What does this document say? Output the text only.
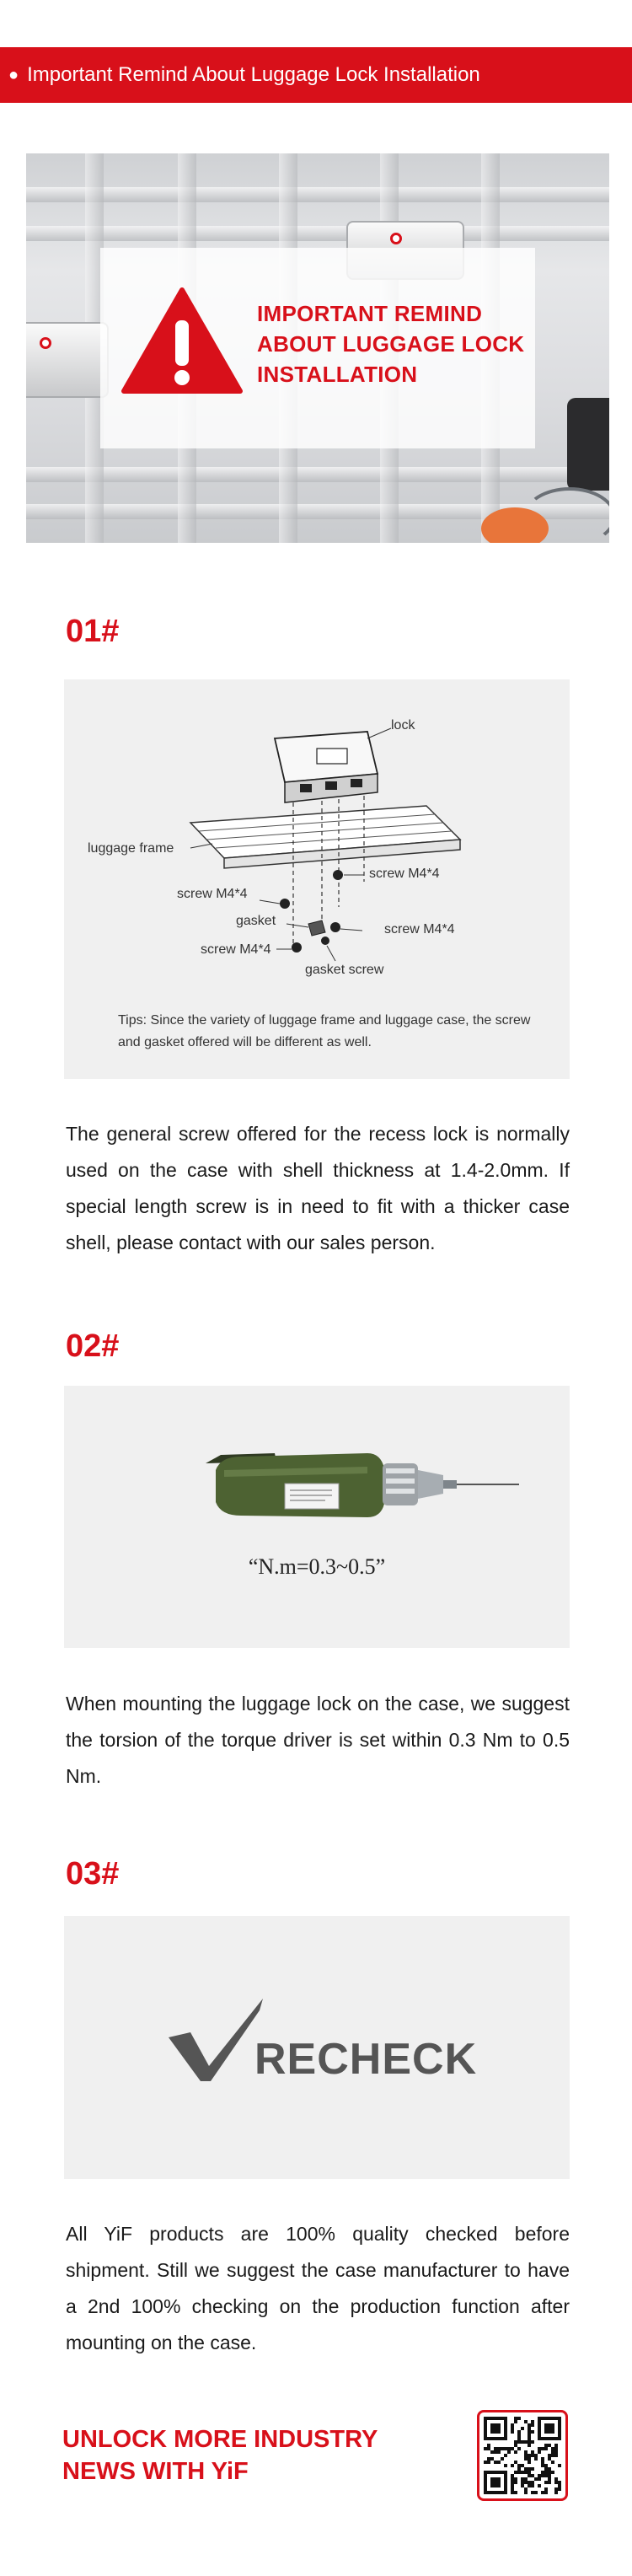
● Important Remind About Luggage Lock Installation
IMPORTANT REMIND
ABOUT LUGGAGE LOCK
INSTALLATION
01#
lock
luggage frame
screw M4*4
screw M4*4
gasket
screw M4*4
screw M4*4
gasket screw
Tips: Since the variety of luggage frame and luggage case, the screw and gasket offered will be different as well.

The general screw offered for the recess lock is normally used on the case with shell thickness at 1.4-2.0mm. If special length screw is in need to fit with a thicker case shell, please contact with our sales person.

02#
“N.m=0.3~0.5”

When mounting the luggage lock on the case, we suggest the torsion of the torque driver is set within 0.3 Nm to 0.5 Nm.

03#
RECHECK

All YiF products are 100% quality checked before shipment. Still we suggest the case manufacturer to have a 2nd 100% checking on the production function after mounting on the case.

UNLOCK MORE INDUSTRY NEWS WITH YiF
